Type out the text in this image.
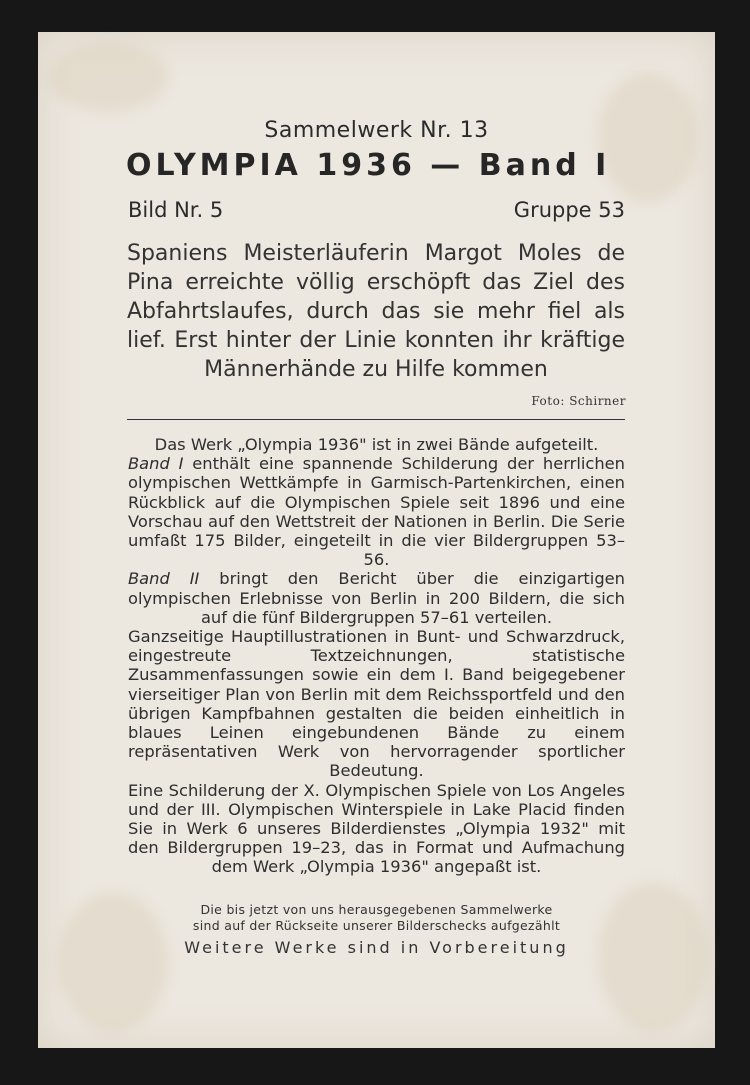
Sammelwerk Nr. 13
OLYMPIA 1936 — Band I
Bild Nr. 5	Gruppe 53
Spaniens Meisterläuferin Margot Moles de Pina erreichte völlig erschöpft das Ziel des Abfahrtslaufes, durch das sie mehr fiel als lief. Erst hinter der Linie konnten ihr kräftige Männerhände zu Hilfe kommen
Foto: Schirner

Das Werk „Olympia 1936" ist in zwei Bände aufgeteilt.

Band I enthält eine spannende Schilderung der herrlichen olympischen Wettkämpfe in Garmisch-Partenkirchen, einen Rückblick auf die Olympischen Spiele seit 1896 und eine Vorschau auf den Wettstreit der Nationen in Berlin. Die Serie umfaßt 175 Bilder, eingeteilt in die vier Bildergruppen 53–56.

Band II bringt den Bericht über die einzigartigen olympischen Erlebnisse von Berlin in 200 Bildern, die sich auf die fünf Bildergruppen 57–61 verteilen.

Ganzseitige Hauptillustrationen in Bunt- und Schwarzdruck, eingestreute Textzeichnungen, statistische Zusammenfassungen sowie ein dem I. Band beigegebener vierseitiger Plan von Berlin mit dem Reichssportfeld und den übrigen Kampfbahnen gestalten die beiden einheitlich in blaues Leinen eingebundenen Bände zu einem repräsentativen Werk von hervorragender sportlicher Bedeutung.

Eine Schilderung der X. Olympischen Spiele von Los Angeles und der III. Olympischen Winterspiele in Lake Placid finden Sie in Werk 6 unseres Bilderdienstes „Olympia 1932" mit den Bildergruppen 19–23, das in Format und Aufmachung dem Werk „Olympia 1936" angepaßt ist.

Die bis jetzt von uns herausgegebenen Sammelwerke
sind auf der Rückseite unserer Bilderschecks aufgezählt
Weitere Werke sind in Vorbereitung
